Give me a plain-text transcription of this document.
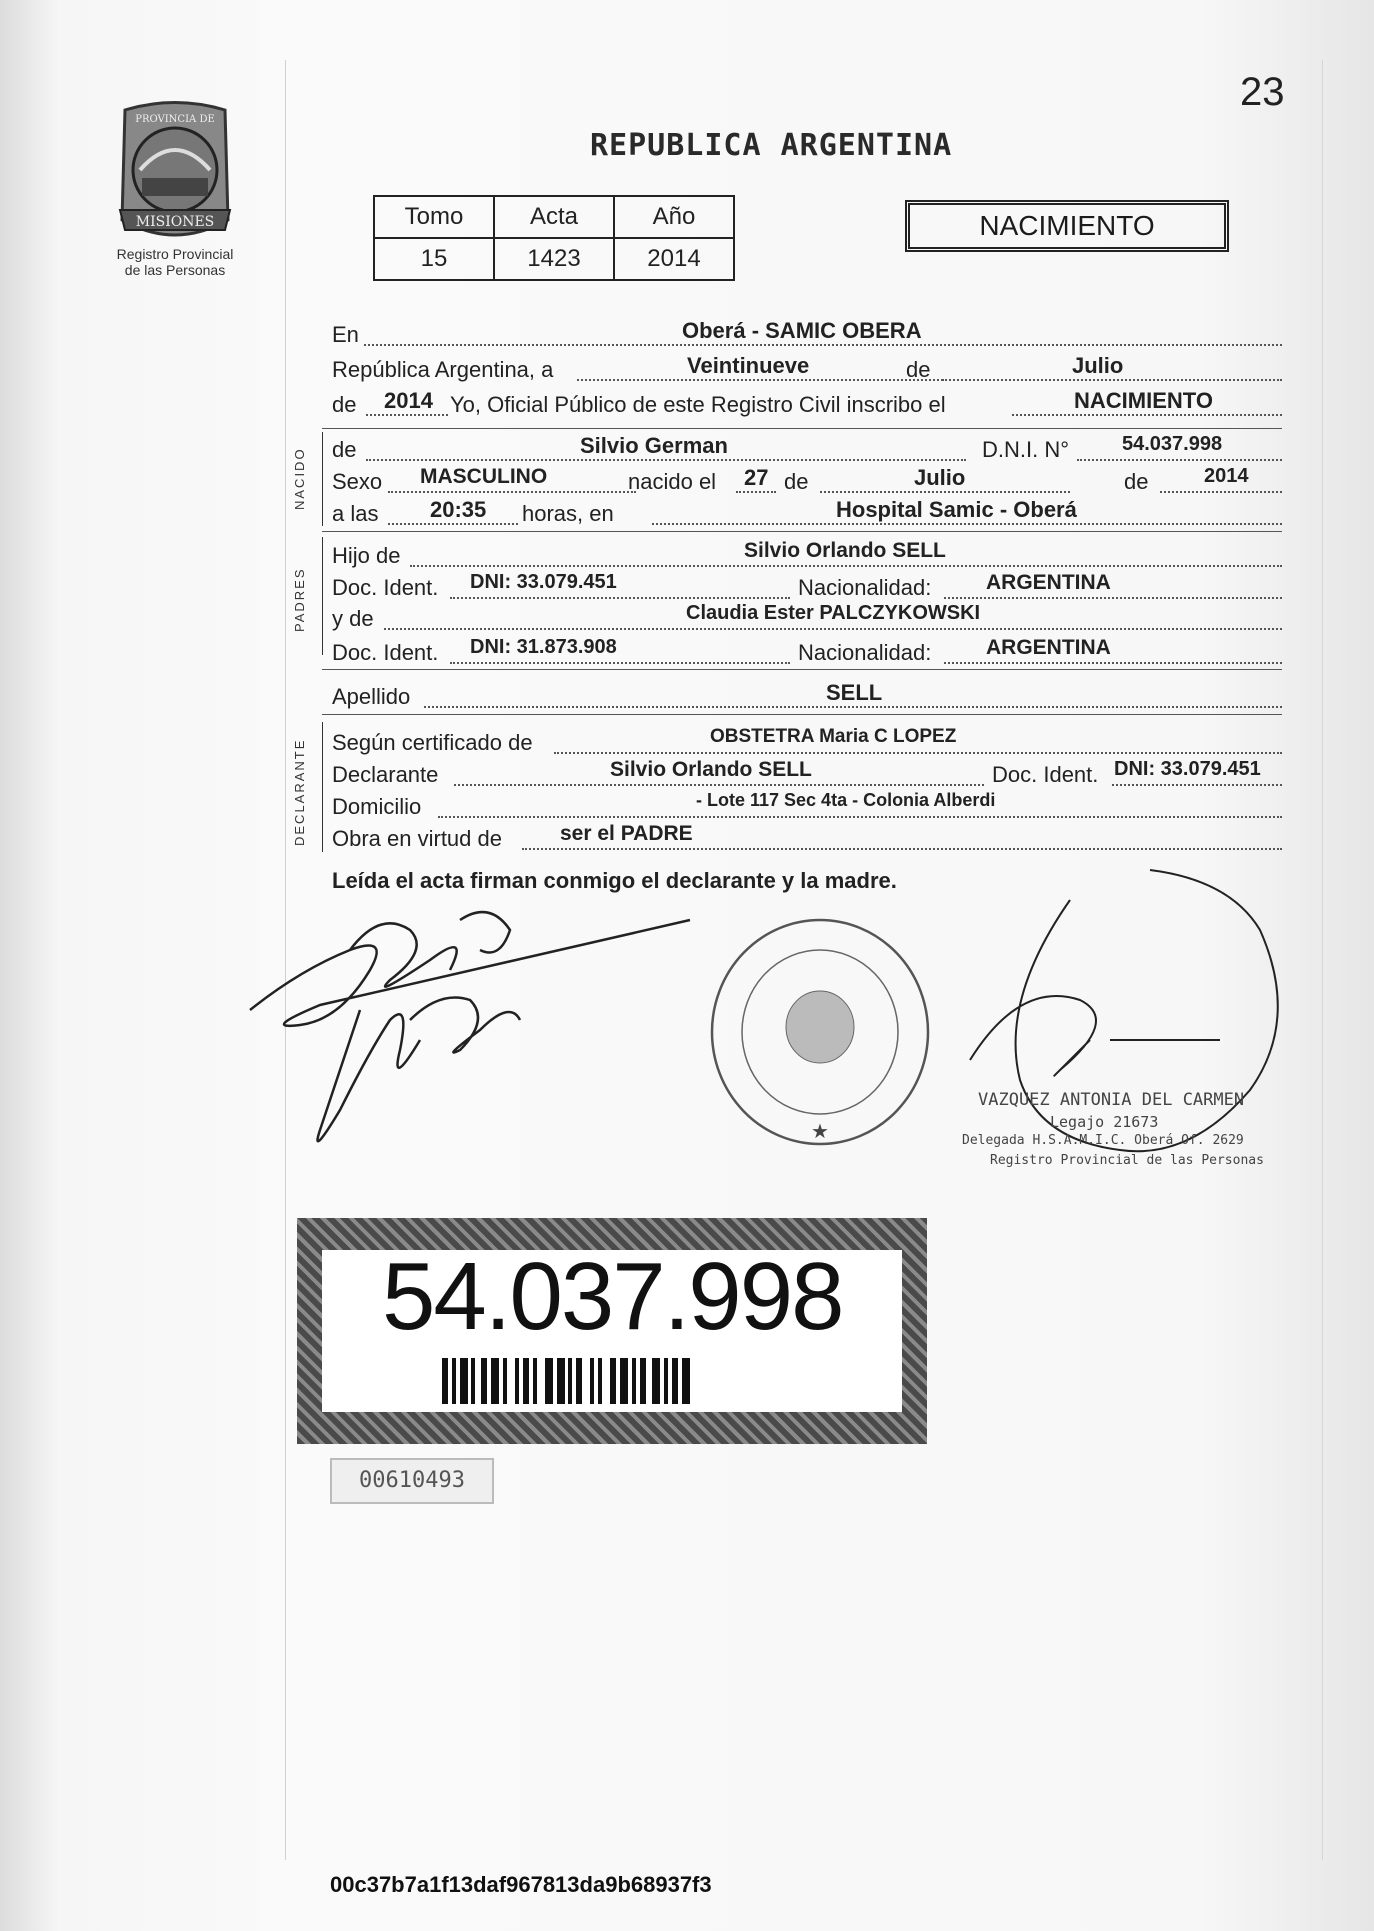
MISIONES
PROVINCIA DE
Registro Provincial
de las Personas
23
REPUBLICA ARGENTINA
Tomo	Acta	Año
15	1423	2014
NACIMIENTO
En	Oberá - SAMIC OBERA
República Argentina, a	Veintinueve	de	Julio
de 2014 Yo, Oficial Público de este Registro Civil inscribo el	NACIMIENTO
NACIDO de	Silvio German	D.N.I. N°	54.037.998
Sexo MASCULINO	nacido el 27 de	Julio	de	2014
a las 20:35 horas, en	Hospital Samic - Oberá
PADRES
Hijo de	Silvio Orlando SELL
Doc. Ident. DNI: 33.079.451	Nacionalidad:	ARGENTINA
y de	Claudia Ester PALCZYKOWSKI
Doc. Ident. DNI: 31.873.908	Nacionalidad:	ARGENTINA
Apellido	SELL
DECLARANTE Según certificado de	OBSTETRA Maria C LOPEZ
Declarante	Silvio Orlando SELL	Doc. Ident. DNI: 33.079.451
Domicilio	- Lote 117 Sec 4ta - Colonia Alberdi
Obra en virtud de	ser el PADRE
Leída el acta firman conmigo el declarante y la madre.
★
VAZQUEZ ANTONIA DEL CARMEN
Legajo 21673
Delegada H.S.A.M.I.C. Oberá Of. 2629
Registro Provincial de las Personas
54.037.998
00610493
00c37b7a1f13daf967813da9b68937f3
